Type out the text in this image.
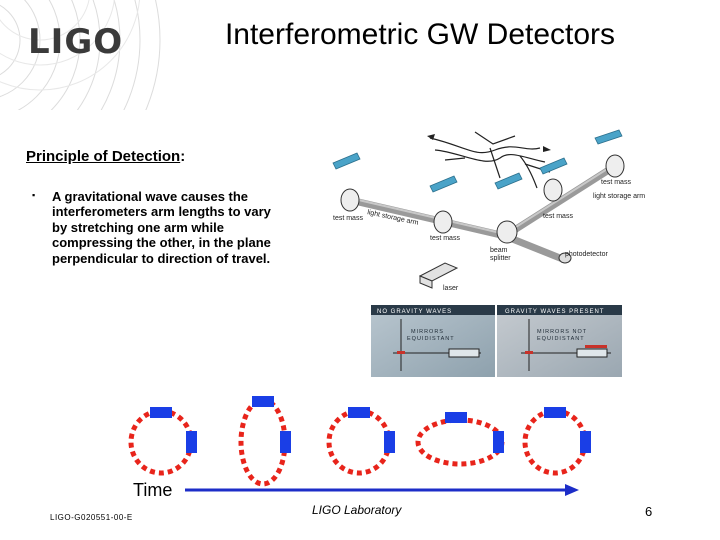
LIGO	Interferometric GW Detectors
Principle of Detection:
▪ A gravitational wave causes the interferometers arm lengths to vary by stretching one arm while compressing the other, in the plane perpendicular to direction of travel.
test mass light storage arm
test mass
beam
splitter
test mass
test mass
light storage arm
photodetector
laser
NO GRAVITY WAVES	GRAVITY WAVES PRESENT
MIRRORS
EQUIDISTANT
MIRRORS NOT
EQUIDISTANT
Time
LIGO-G020551-00-E
LIGO Laboratory	6
